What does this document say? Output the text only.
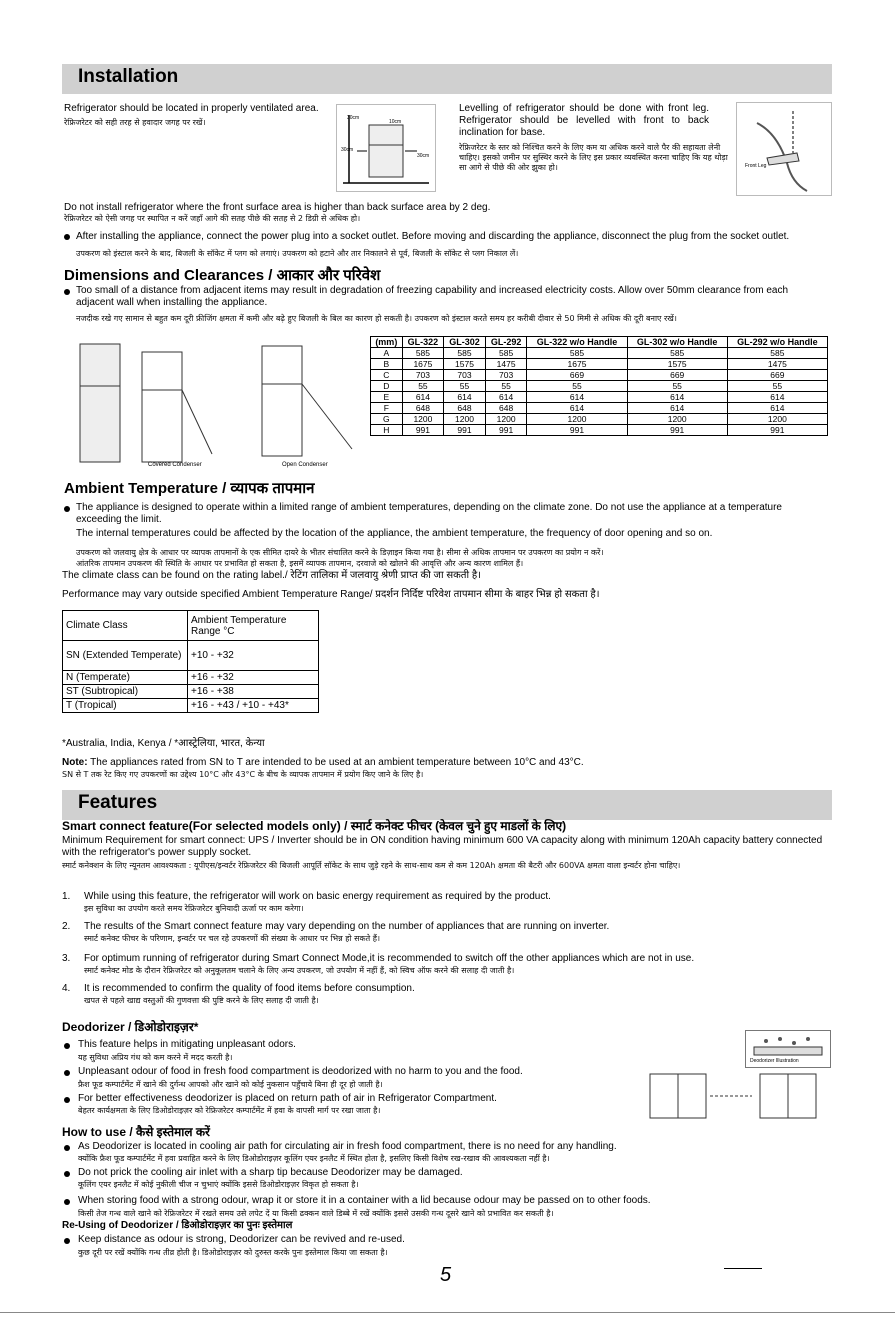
Installation
Refrigerator should be located in properly ventilated area.
रेफ्रिजरेटर को सही तरह से हवादार जगह पर रखें।	30cm
10cm
30cm
30cm
Levelling of refrigerator should be done with front leg. Refrigerator should be levelled with front to back inclination for base.
रेफ्रिजरेटर के स्तर को निश्चित करने के लिए कम या अधिक करने वाले पैर की सहायता लेनी चाहिए। इसको जमीन पर सुस्थिर करने के लिए इस प्रकार व्यवस्थित करना चाहिए कि यह थोड़ा सा आगे से पीछे की ओर झुका हो।	Front Leg
Do not install refrigerator where the front surface area is higher than back surface area by 2 deg.
रेफ्रिजरेटर को ऐसी जगह पर स्थापित न करें जहाँ आगे की सतह पीछे की सतह से 2 डिग्री से अधिक हो।
After installing the appliance, connect the power plug into a socket outlet. Before moving and discarding the appliance, disconnect the plug from the socket outlet.
उपकरण को इंस्टाल करने के बाद, बिजली के सॉकेट में प्लग को लगाएं। उपकरण को हटाने और तार निकालने से पूर्व, बिजली के सॉकेट से प्लग निकाल लें।
Dimensions and Clearances / आकार और परिवेश
Too small of a distance from adjacent items may result in degradation of freezing capability and increased electricity costs. Allow over 50mm clearance from each adjacent wall when installing the appliance.
नजदीक रखे गए सामान से बहुत कम दूरी फ्रीजिंग क्षमता में कमी और बढ़े हुए बिजली के बिल का कारण हो सकती है। उपकरण को इंस्टाल करते समय हर करीबी दीवार से 50 मिमी से अधिक की दूरी बनाए रखें।
Covered Condenser	Open Condenser
(mm)	GL-322	GL-302	GL-292	GL-322 w/o Handle	GL-302 w/o Handle	GL-292 w/o Handle
A	585	585	585	585	585	585
B	1675	1575	1475	1675	1575	1475
C	703	703	703	669	669	669
D	55	55	55	55	55	55
E	614	614	614	614	614	614
F	648	648	648	614	614	614
G	1200	1200	1200	1200	1200	1200
H	991	991	991	991	991	991
Ambient Temperature / व्यापक तापमान
The appliance is designed to operate within a limited range of ambient temperatures, depending on the climate zone. Do not use the appliance at a temperature exceeding the limit.
The internal temperatures could be affected by the location of the appliance, the ambient temperature, the frequency of door opening and so on.
उपकरण को जलवायु क्षेत्र के आधार पर व्यापक तापमानों के एक सीमित दायरे के भीतर संचालित करने के डिज़ाइन किया गया है। सीमा से अधिक तापमान पर उपकरण का प्रयोग न करें।
आंतरिक तापमान उपकरण की स्थिति के आधार पर प्रभावित हो सकता है, इसमें व्यापक तापमान, दरवाजे को खोलने की आवृत्ति और अन्य कारण शामिल हैं।
The climate class can be found on the rating label./ रेटिंग तालिका में जलवायु श्रेणी प्राप्त की जा सकती है।
Performance may vary outside specified Ambient Temperature Range/ प्रदर्शन निर्दिष्ट परिवेश तापमान सीमा के बाहर भिन्न हो सकता है।
Climate Class	Ambient Temperature Range °C
SN (Extended Temperate)	+10 - +32
N (Temperate)	+16 - +32
ST (Subtropical)	+16 - +38
T (Tropical)	+16 - +43 / +10 - +43*
*Australia, India, Kenya / *आस्ट्रेलिया, भारत, केन्या
Note: The appliances rated from SN to T are intended to be used at an ambient temperature between 10°C and 43°C.
SN से T तक रेट किए गए उपकरणों का उद्देश्य 10°C और 43°C के बीच के व्यापक तापमान में प्रयोग किए जाने के लिए है।
Features
Smart connect feature(For selected models only) / स्मार्ट कनेक्ट फीचर (केवल चुने हुए माडलों के लिए)
Minimum Requirement for smart connect: UPS / Inverter should be in ON condition having minimum 600 VA capacity along with minimum 120Ah capacity battery connected with the refrigerator's power supply socket.
स्मार्ट कनेक्शन के लिए न्यूनतम आवश्यकता : यूपीएस/इन्वर्टर रेफ्रिजरेटर की बिजली आपूर्ति सॉकेट के साथ जुड़े रहने के साथ-साथ कम से कम 120Ah क्षमता की बैटरी और 600VA क्षमता वाला इन्वर्टर होना चाहिए।
1. While using this feature, the refrigerator will work on basic energy requirement as required by the product.
इस सुविधा का उपयोग करते समय रेफ्रिजरेटर बुनियादी ऊर्जा पर काम करेगा।
2. The results of the Smart connect feature may vary depending on the number of appliances that are running on inverter.
स्मार्ट कनेक्ट फीचर के परिणाम, इन्वर्टर पर चल रहे उपकरणों की संख्या के आधार पर भिन्न हो सकते हैं।
3. For optimum running of refrigerator during Smart Connect Mode,it is recommended to switch off the other appliances which are not in use.
स्मार्ट कनेक्ट मोड के दौरान रेफ्रिजरेटर को अनुकूलतम चलाने के लिए अन्य उपकरण, जो उपयोग में नहीं हैं, को स्विच ऑफ करने की सलाह दी जाती है।
4. It is recommended to confirm the quality of food items before consumption.
खपत से पहले खाद्य वस्तुओं की गुणवत्ता की पुष्टि करने के लिए सलाह दी जाती है।
Deodorizer / डिओडोराइज़र*
This feature helps in mitigating unpleasant odors.
यह सुविधा अप्रिय गंध को कम करने में मदद करती है।
Unpleasant odour of food in fresh food compartment is deodorized with no harm to you and the food.
फ्रैश फूड कम्पार्टमेंट में खाने की दुर्गन्ध आपको और खाने को कोई नुकसान पहुँचाये बिना ही दूर हो जाती है।
For better effectiveness deodorizer is placed on return path of air in Refrigerator Compartment.
बेहतर कार्यक्षमता के लिए डिओडोराइज़र को रेफ्रिजरेटर कम्पार्टमेंट में हवा के वापसी मार्ग पर रखा जाता है।
Deodorizer Illustration
How to use / कैसे इस्तेमाल करें
As Deodorizer is located in cooling air path for circulating air in fresh food compartment, there is no need for any handling.
क्योंकि फ्रैश फूड कम्पार्टमेंट में हवा प्रवाहित करने के लिए डिओडोराइज़र कूलिंग एयर इनलैट में स्थित होता है, इसलिए किसी विशेष रख-रखाव की आवश्यकता नहीं है।
Do not prick the cooling air inlet with a sharp tip because Deodorizer may be damaged.
कूलिंग एयर इनलैट में कोई नुकीली चीज न चुभाएं क्योंकि इससे डिओडोराइज़र विकृत हो सकता है।
When storing food with a strong odour, wrap it or store it in a container with a lid because odour may be passed on to other foods.
किसी तेज गन्ध वाले खाने को रेफ्रिजरेटर में रखते समय उसे लपेट दें या किसी ढक्कन वाले डिब्बे में रखें क्योंकि इससे उसकी गन्ध दूसरे खाने को प्रभावित कर सकती है।
Re-Using of Deodorizer / डिओडोराइज़र का पुनः इस्तेमाल
Keep distance as odour is strong, Deodorizer can be revived and re-used.
कुछ दूरी पर रखें क्योंकि गन्ध तीव्र होती है। डिओडोराइज़र को दुरुस्त करके पुनः इस्तेमाल किया जा सकता है।
5
